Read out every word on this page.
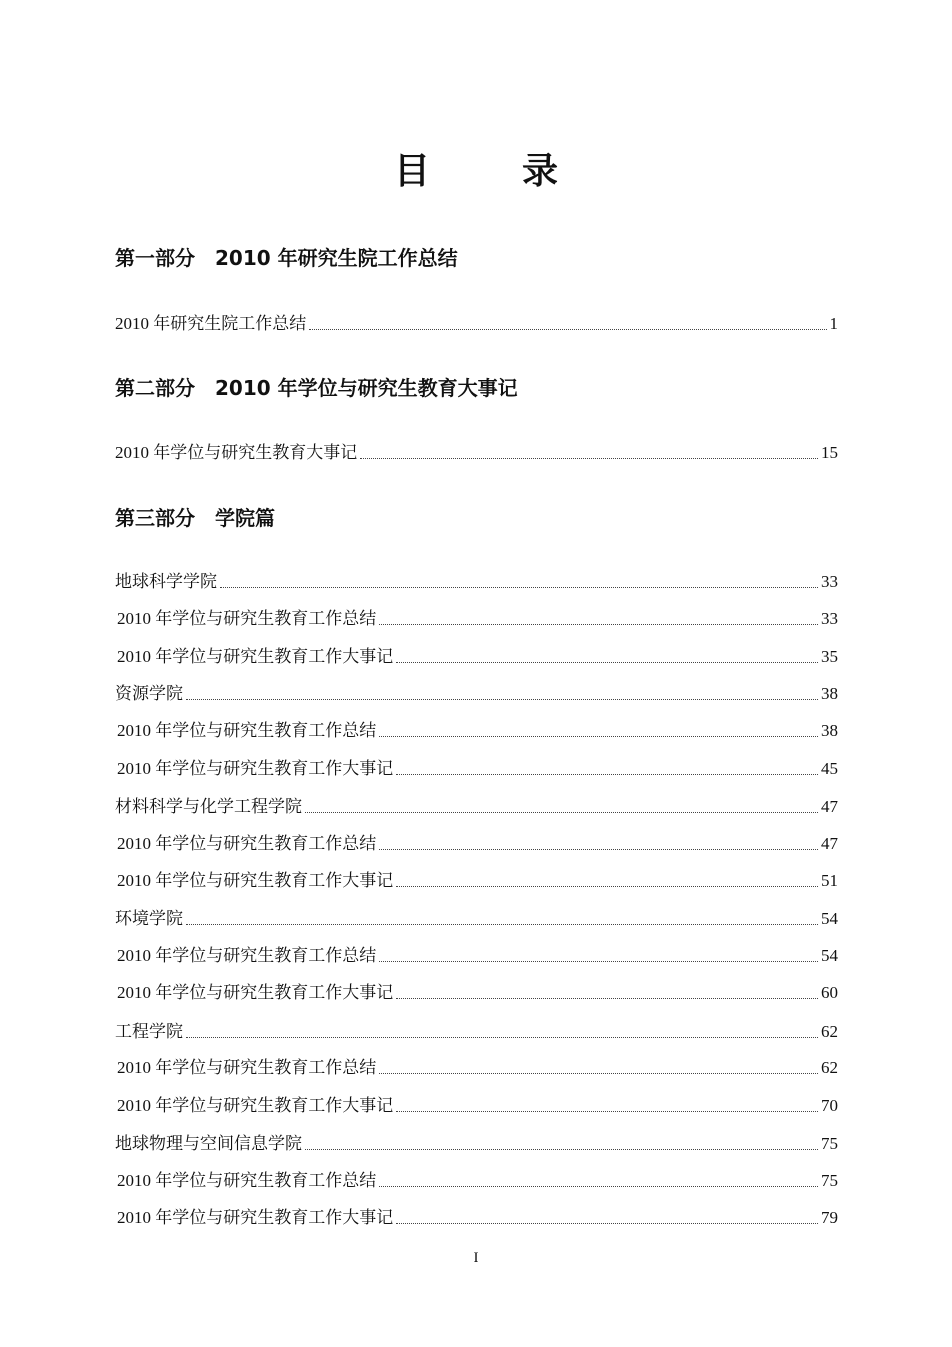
目　录
第一部分　2010 年研究生院工作总结
2010 年研究生院工作总结	1
第二部分　2010 年学位与研究生教育大事记
2010 年学位与研究生教育大事记	15
第三部分　学院篇
地球科学学院	33
2010 年学位与研究生教育工作总结	33
2010 年学位与研究生教育工作大事记	35
资源学院	38
2010 年学位与研究生教育工作总结	38
2010 年学位与研究生教育工作大事记	45
材料科学与化学工程学院	47
2010 年学位与研究生教育工作总结	47
2010 年学位与研究生教育工作大事记	51
环境学院	54
2010 年学位与研究生教育工作总结	54
2010 年学位与研究生教育工作大事记	60
工程学院	62
2010 年学位与研究生教育工作总结	62
2010 年学位与研究生教育工作大事记	70
地球物理与空间信息学院	75
2010 年学位与研究生教育工作总结	75
2010 年学位与研究生教育工作大事记	79
I
